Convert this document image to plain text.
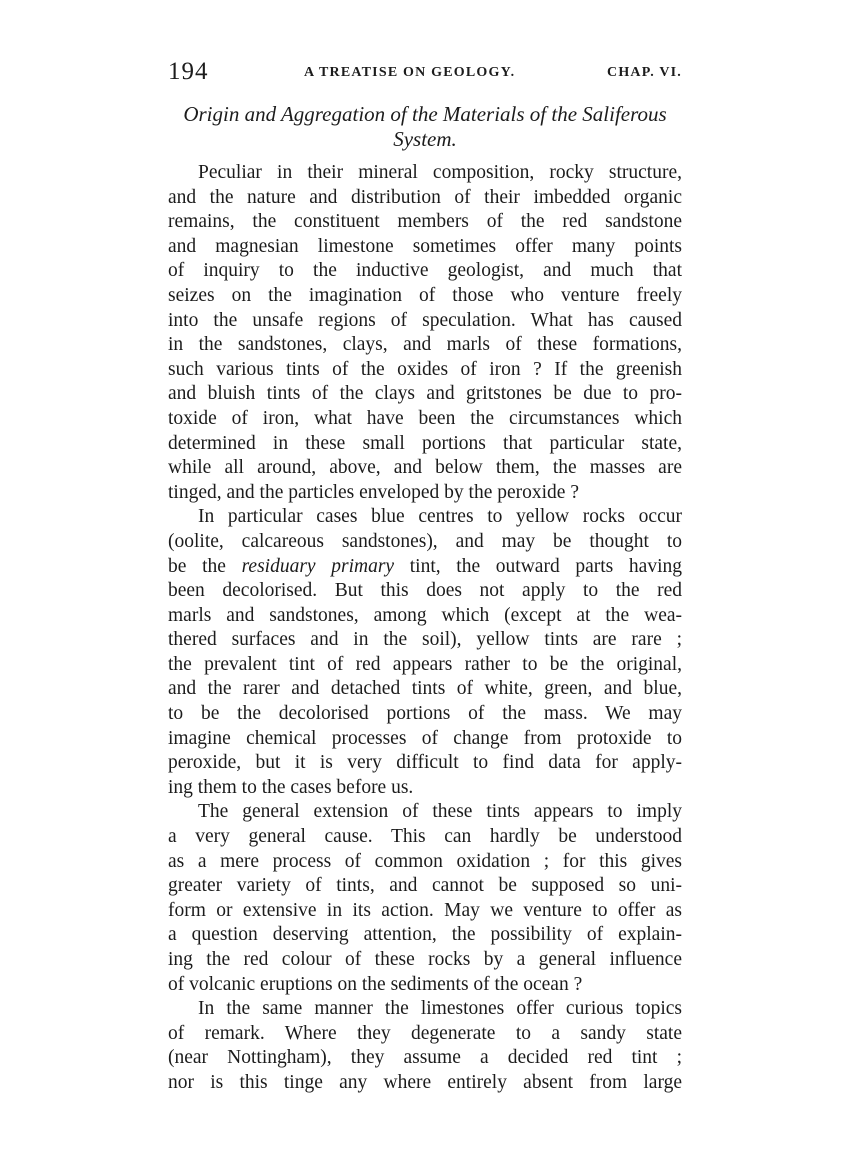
194	A TREATISE ON GEOLOGY.	CHAP. VI.
Origin and Aggregation of the Materials of the Saliferous
System.
Peculiar in their mineral composition, rocky structure,
and the nature and distribution of their imbedded organic
remains, the constituent members of the red sandstone
and magnesian limestone sometimes offer many points
of inquiry to the inductive geologist, and much that
seizes on the imagination of those who venture freely
into the unsafe regions of speculation. What has caused
in the sandstones, clays, and marls of these formations,
such various tints of the oxides of iron ? If the greenish
and bluish tints of the clays and gritstones be due to pro-
toxide of iron, what have been the circumstances which
determined in these small portions that particular state,
while all around, above, and below them, the masses are
tinged, and the particles enveloped by the peroxide ?
In particular cases blue centres to yellow rocks occur
(oolite, calcareous sandstones), and may be thought to
be the residuary primary tint, the outward parts having
been decolorised. But this does not apply to the red
marls and sandstones, among which (except at the wea-
thered surfaces and in the soil), yellow tints are rare ;
the prevalent tint of red appears rather to be the original,
and the rarer and detached tints of white, green, and blue,
to be the decolorised portions of the mass. We may
imagine chemical processes of change from protoxide to
peroxide, but it is very difficult to find data for apply-
ing them to the cases before us.
The general extension of these tints appears to imply
a very general cause. This can hardly be understood
as a mere process of common oxidation ; for this gives
greater variety of tints, and cannot be supposed so uni-
form or extensive in its action. May we venture to offer as
a question deserving attention, the possibility of explain-
ing the red colour of these rocks by a general influence
of volcanic eruptions on the sediments of the ocean ?
In the same manner the limestones offer curious topics
of remark. Where they degenerate to a sandy state
(near Nottingham), they assume a decided red tint ;
nor is this tinge any where entirely absent from large
